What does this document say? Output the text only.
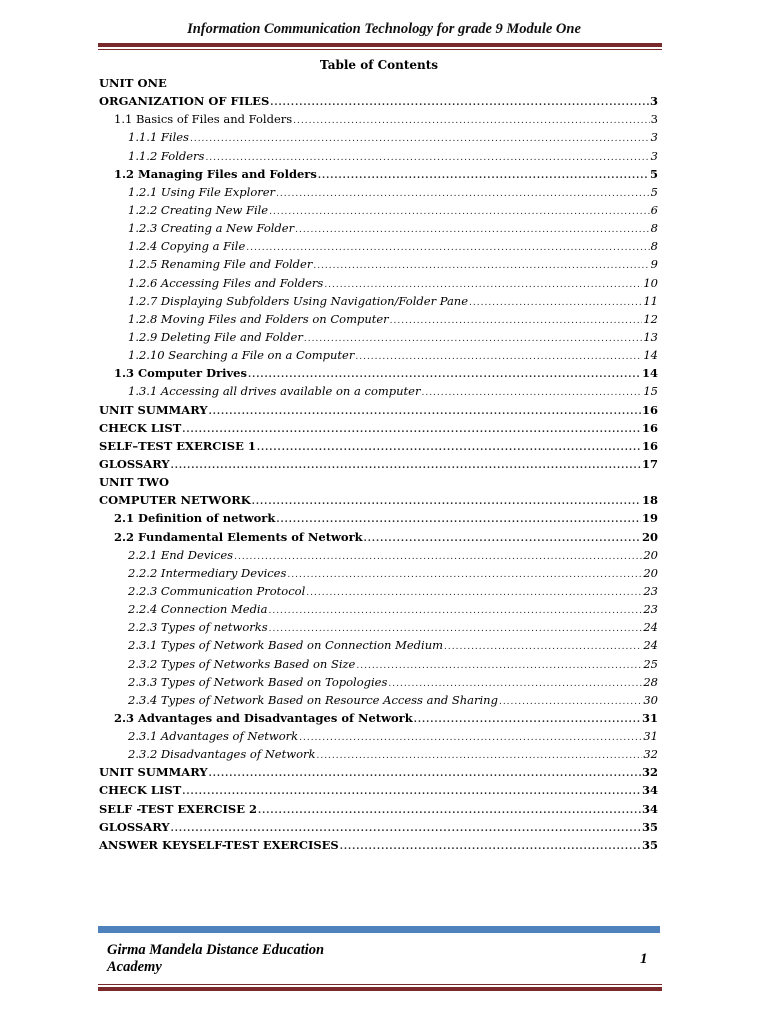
Information Communication Technology for grade 9 Module One
Table of Contents
UNIT ONE
ORGANIZATION OF FILES .....	3
1.1 Basics of Files and Folders .....	3
1.1.1 Files .....	3
1.1.2 Folders .....	3
1.2 Managing Files and Folders .....	5
1.2.1 Using File Explorer .....	5
1.2.2 Creating New File .....	6
1.2.3 Creating a New Folder .....	8
1.2.4 Copying a File .....	8
1.2.5 Renaming File and Folder .....	9
1.2.6 Accessing Files and Folders .....	10
1.2.7 Displaying Subfolders Using Navigation/Folder Pane .....	11
1.2.8 Moving Files and Folders on Computer .....	12
1.2.9 Deleting File and Folder .....	13
1.2.10 Searching a File on a Computer .....	14
1.3 Computer Drives .....	14
1.3.1 Accessing all drives available on a computer .....	15
UNIT SUMMARY .....	16
CHECK LIST .....	16
SELF–TEST EXERCISE 1 .....	16
GLOSSARY .....	17
UNIT TWO
COMPUTER NETWORK .....	18
2.1 Definition of network .....	19
2.2 Fundamental Elements of Network .....	20
2.2.1 End Devices .....	20
2.2.2 Intermediary Devices .....	20
2.2.3 Communication Protocol .....	23
2.2.4 Connection Media .....	23
2.2.3 Types of networks .....	24
2.3.1 Types of Network Based on Connection Medium .....	24
2.3.2 Types of Networks Based on Size .....	25
2.3.3 Types of Network Based on Topologies .....	28
2.3.4 Types of Network Based on Resource Access and Sharing .....	30
2.3 Advantages and Disadvantages of Network .....	31
2.3.1 Advantages of Network .....	31
2.3.2 Disadvantages of Network .....	32
UNIT SUMMARY .....	32
CHECK LIST .....	34
SELF -TEST EXERCISE 2 .....	34
GLOSSARY .....	35
ANSWER KEYSELF-TEST EXERCISES .....	35
Girma Mandela Distance Education
Academy	1
